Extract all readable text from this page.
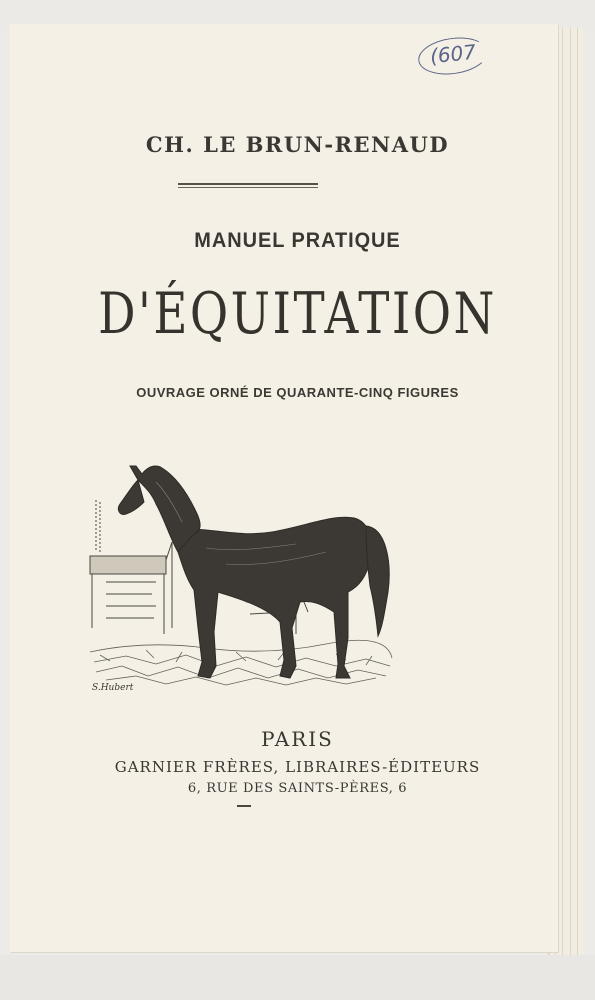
(607
CH. LE BRUN-RENAUD
MANUEL PRATIQUE
D'ÉQUITATION
OUVRAGE ORNÉ DE QUARANTE-CINQ FIGURES
S.Hubert
PARIS
GARNIER FRÈRES, LIBRAIRES-ÉDITEURS
6, RUE DES SAINTS-PÈRES, 6
